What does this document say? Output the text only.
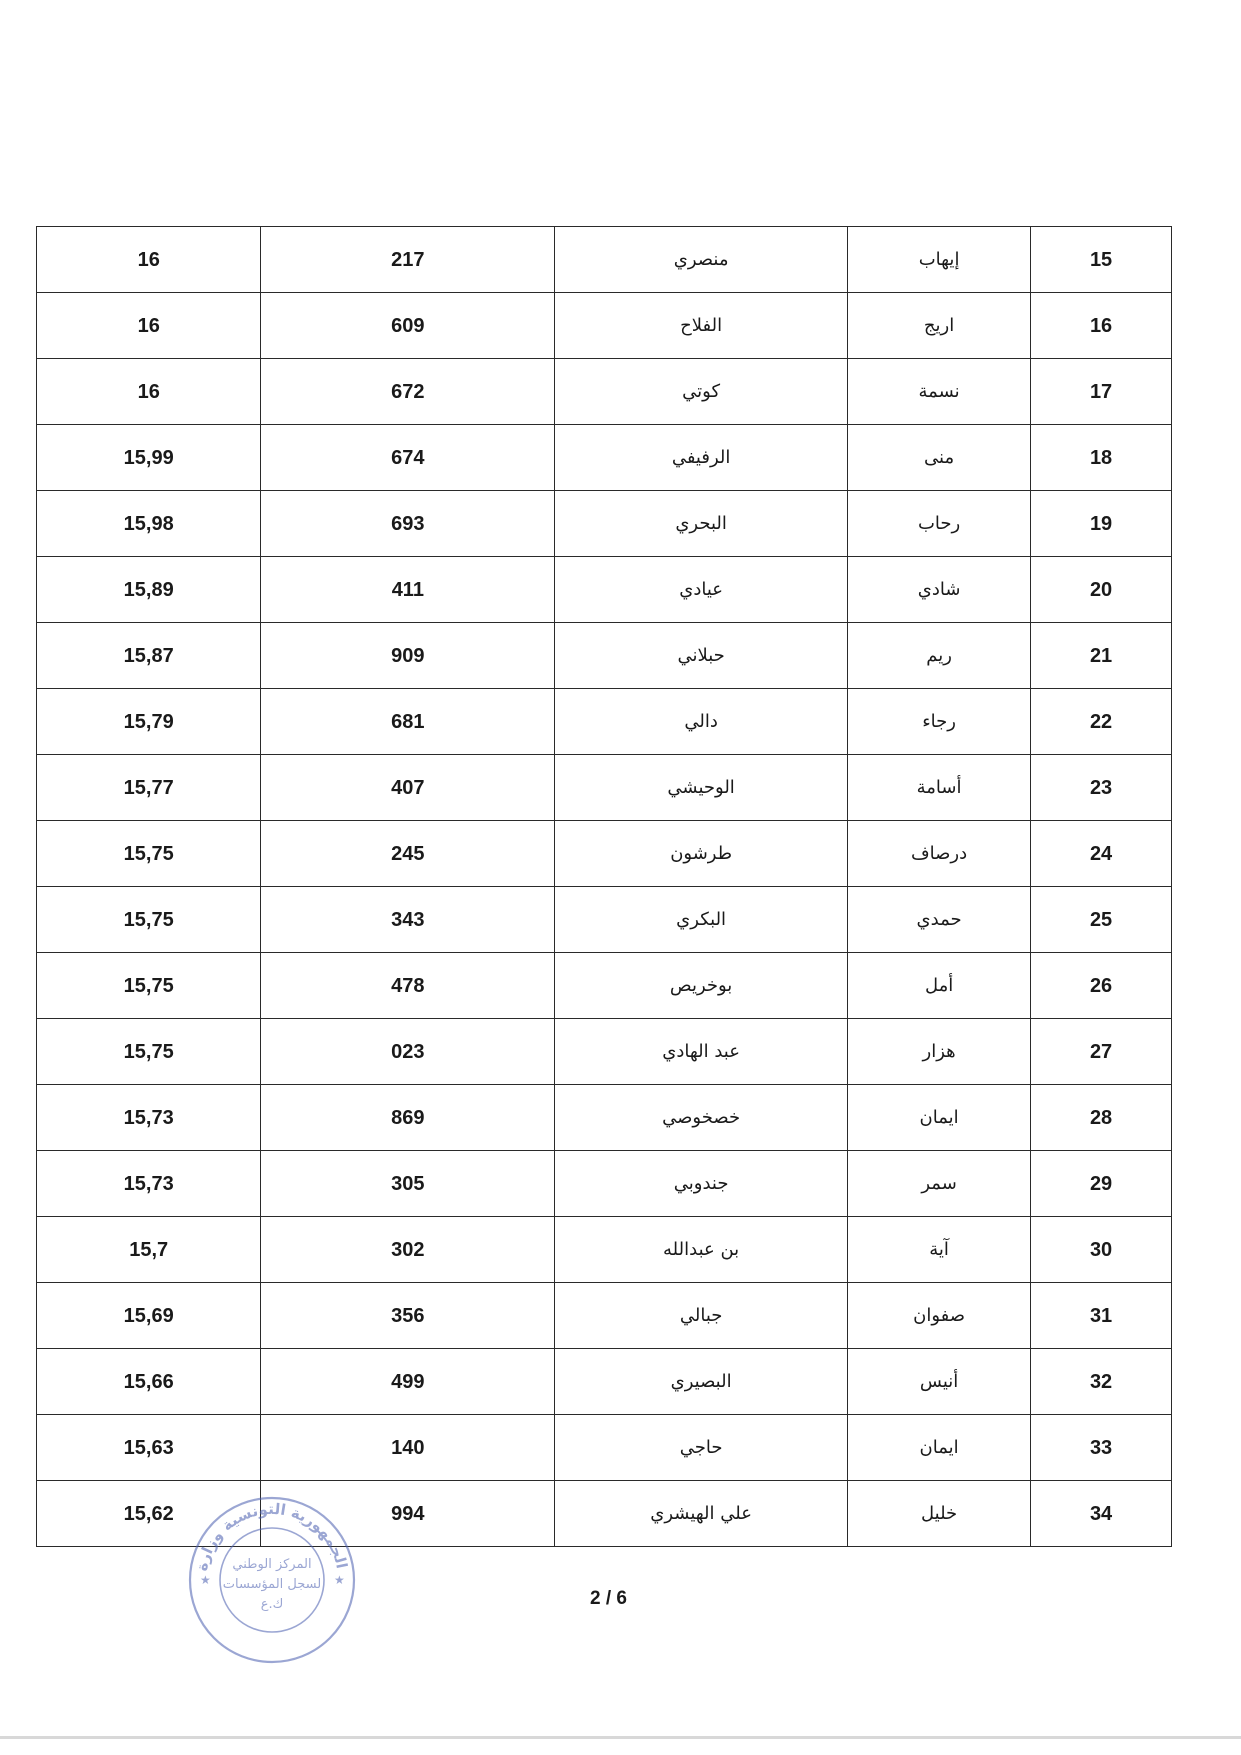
15	إيهاب	منصري	217	16
16	اريج	الفلاح	609	16
17	نسمة	كوتي	672	16
18	منى	الرفيفي	674	15,99
19	رحاب	البحري	693	15,98
20	شادي	عيادي	411	15,89
21	ريم	حبلاني	909	15,87
22	رجاء	دالي	681	15,79
23	أسامة	الوحيشي	407	15,77
24	درصاف	طرشون	245	15,75
25	حمدي	البكري	343	15,75
26	أمل	بوخريص	478	15,75
27	هزار	عبد الهادي	023	15,75
28	ايمان	خصخوصي	869	15,73
29	سمر	جندوبي	305	15,73
30	آية	بن عبدالله	302	15,7
31	صفوان	جبالي	356	15,69
32	أنيس	البصيري	499	15,66
33	ايمان	حاجي	140	15,63
34	خليل	علي الهيشري	994	15,62
الجمهورية التونسية وزارة
المركز الوطني
لسجل المؤسسات
ك.ع
★	★
2 / 6
